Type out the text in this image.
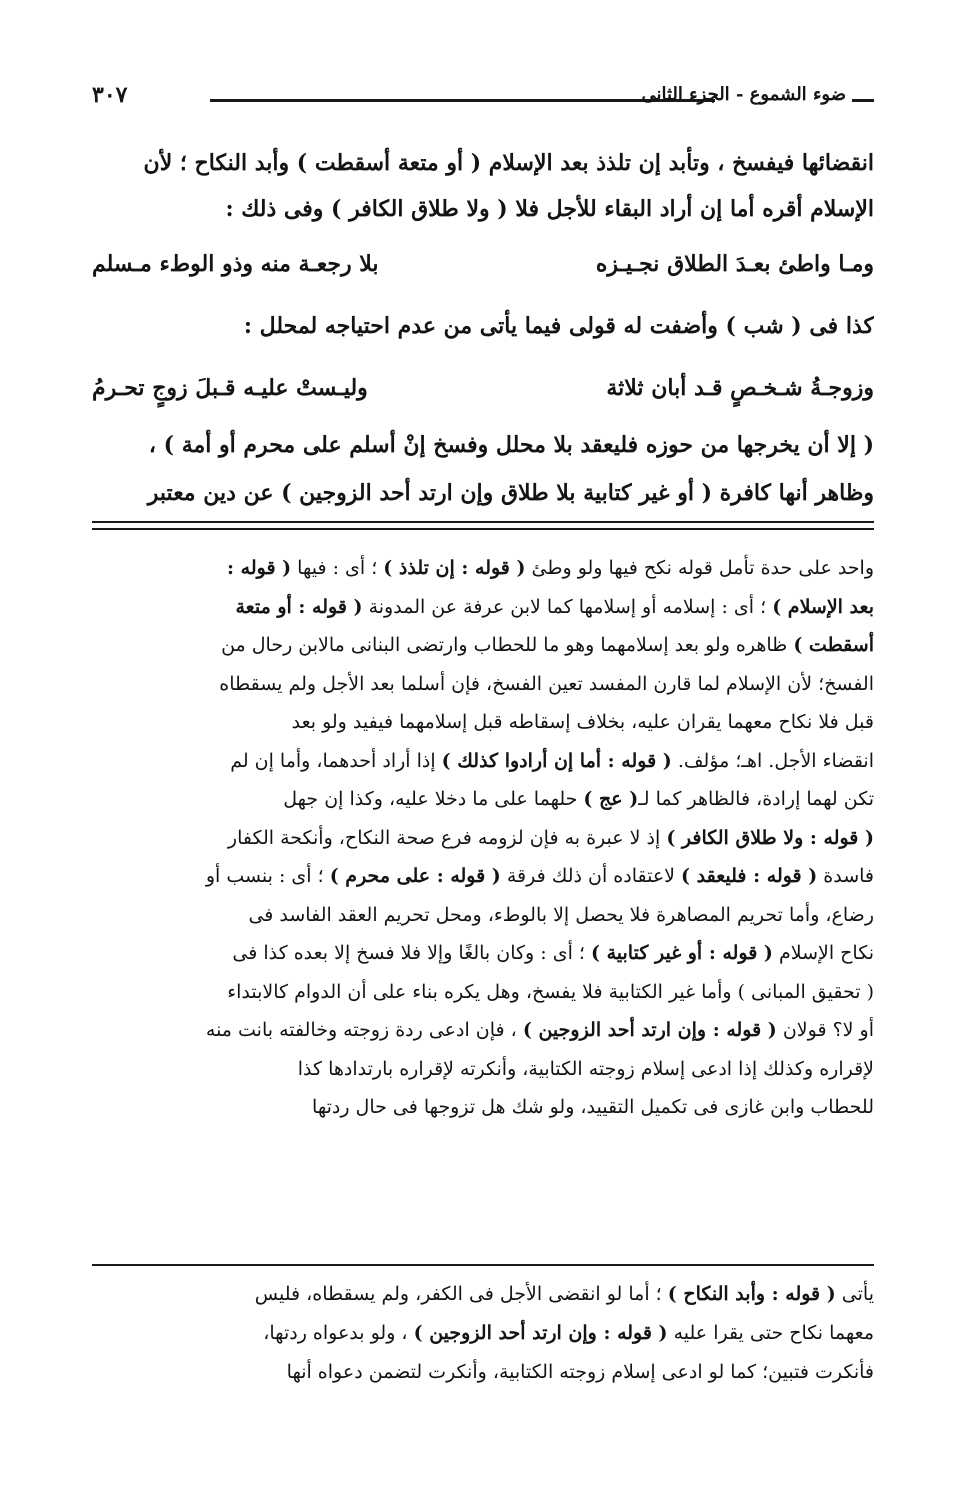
٣٠٧	ضوء الشموع - الجزء الثانى
انقضائها فيفسخ ، وتأبد إن تلذذ بعد الإسلام ( أو متعة أسقطت ) وأبد النكاح ؛ لأن
الإسلام أقره أما إن أراد البقاء للأجل فلا ( ولا طلاق الكافر ) وفى ذلك :
ومـا واطئ بعـدَ الطلاق نجـيـزه
بلا رجعـة منه وذو الوطء مـسلم
كذا فى ( شب ) وأضفت له قولى فيما يأتى من عدم احتياجه لمحلل :
وزوجـةُ شـخـصٍ قـد أبان ثلاثة
وليـستْ عليـه قـبلَ زوجٍ تحـرمُ
( إلا أن يخرجها من حوزه فليعقد بلا محلل وفسخ إنْ أسلم على محرم أو أمة ) ،
وظاهر أنها كافرة ( أو غير كتابية بلا طلاق وإن ارتد أحد الزوجين ) عن دين معتبر
واحد على حدة تأمل قوله نكح فيها ولو وطئ ( قوله : إن تلذذ ) ؛ أى : فيها ( قوله :
بعد الإسلام ) ؛ أى : إسلامه أو إسلامها كما لابن عرفة عن المدونة ( قوله : أو متعة
أسقطت ) ظاهره ولو بعد إسلامهما وهو ما للحطاب وارتضى البنانى مالابن رحال من
الفسخ؛ لأن الإسلام لما قارن المفسد تعين الفسخ، فإن أسلما بعد الأجل ولم يسقطاه
قبل فلا نكاح معهما يقران عليه، بخلاف إسقاطه قبل إسلامهما فيفيد ولو بعد
انقضاء الأجل. اهـ؛ مؤلف. ( قوله : أما إن أرادوا كذلك ) إذا أراد أحدهما، وأما إن لم
تكن لهما إرادة، فالظاهر كما لـ( عج ) حلهما على ما دخلا عليه، وكذا إن جهل
( قوله : ولا طلاق الكافر ) إذ لا عبرة به فإن لزومه فرع صحة النكاح، وأنكحة الكفار
فاسدة ( قوله : فليعقد ) لاعتقاده أن ذلك فرقة ( قوله : على محرم ) ؛ أى : بنسب أو
رضاع، وأما تحريم المصاهرة فلا يحصل إلا بالوطء، ومحل تحريم العقد الفاسد فى
نكاح الإسلام ( قوله : أو غير كتابية ) ؛ أى : وكان بالغًا وإلا فلا فسخ إلا بعده كذا فى
( تحقيق المبانى ) وأما غير الكتابية فلا يفسخ، وهل يكره بناء على أن الدوام كالابتداء
أو لا؟ قولان ( قوله : وإن ارتد أحد الزوجين ) ، فإن ادعى ردة زوجته وخالفته بانت منه
لإقراره وكذلك إذا ادعى إسلام زوجته الكتابية، وأنكرته لإقراره بارتدادها كذا
للحطاب وابن غازى فى تكميل التقييد، ولو شك هل تزوجها فى حال ردتها
يأتى ( قوله : وأبد النكاح ) ؛ أما لو انقضى الأجل فى الكفر، ولم يسقطاه، فليس
معهما نكاح حتى يقرا عليه ( قوله : وإن ارتد أحد الزوجين ) ، ولو بدعواه ردتها،
فأنكرت فتبين؛ كما لو ادعى إسلام زوجته الكتابية، وأنكرت لتضمن دعواه أنها
